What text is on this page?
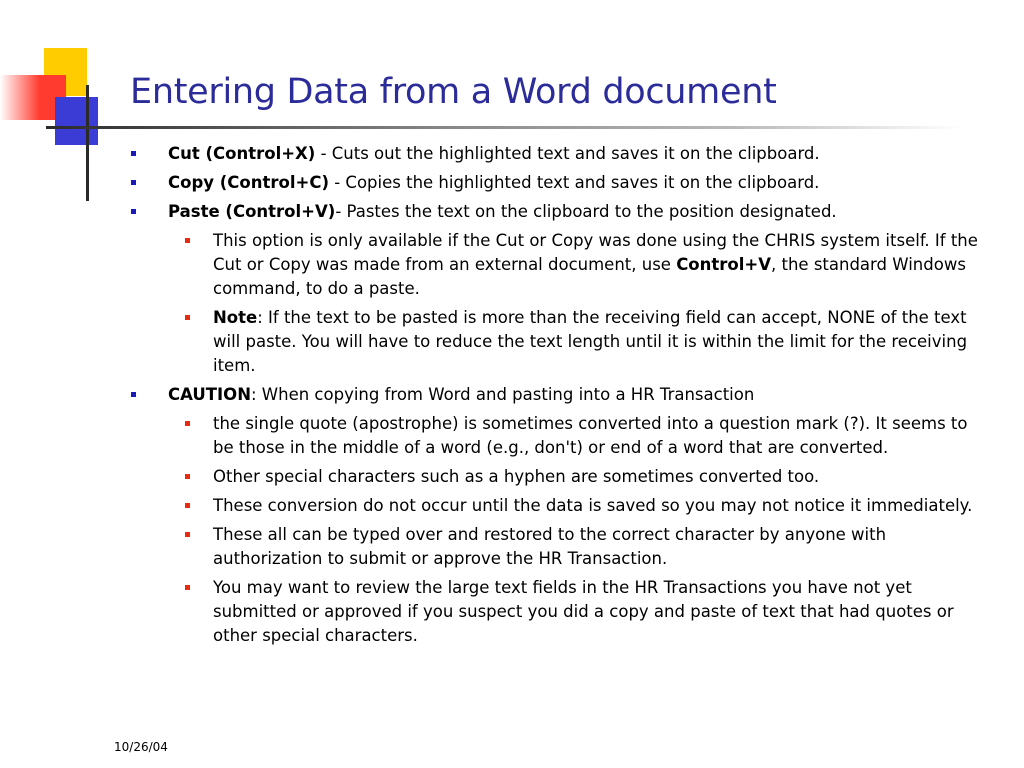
Entering Data from a Word document
Cut (Control+X) - Cuts out the highlighted text and saves it on the clipboard.
Copy (Control+C) - Copies the highlighted text and saves it on the clipboard.
Paste (Control+V)- Pastes the text on the clipboard to the position designated.
This option is only available if the Cut or Copy was done using the CHRIS system itself. If the Cut or Copy was made from an external document, use Control+V, the standard Windows command, to do a paste.
Note: If the text to be pasted is more than the receiving field can accept, NONE of the text will paste. You will have to reduce the text length until it is within the limit for the receiving item.
CAUTION: When copying from Word and pasting into a HR Transaction
the single quote (apostrophe) is sometimes converted into a question mark (?). It seems to be those in the middle of a word (e.g., don't) or end of a word that are converted.
Other special characters such as a hyphen are sometimes converted too.
These conversion do not occur until the data is saved so you may not notice it immediately.
These all can be typed over and restored to the correct character by anyone with authorization to submit or approve the HR Transaction.
You may want to review the large text fields in the HR Transactions you have not yet submitted or approved if you suspect you did a copy and paste of text that had quotes or other special characters.
10/26/04
